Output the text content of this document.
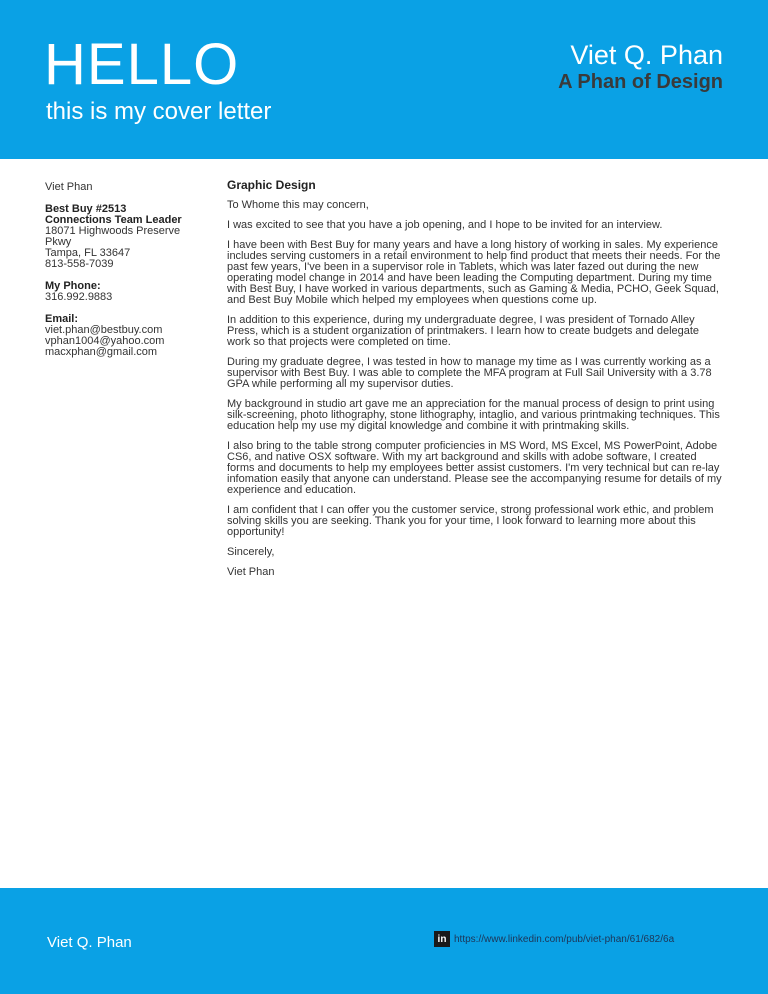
HELLO
this is my cover letter
Viet Q. Phan
A Phan of Design
Viet Phan
Best Buy #2513
Connections Team Leader
18071 Highwoods Preserve
Pkwy
Tampa, FL 33647
813-558-7039
My Phone:
316.992.9883
Email:
viet.phan@bestbuy.com
vphan1004@yahoo.com
macxphan@gmail.com
Graphic Design

To Whome this may concern,

I was excited to see that you have a job opening, and I hope to be invited for an interview.

I have been with Best Buy for many years and have a long history of working in sales. My experience includes serving customers in a retail environment to help find product that meets their needs. For the past few years, I've been in a supervisor role in Tablets, which was later fazed out during the new operating model change in 2014 and have been leading the Computing department. During my time with Best Buy, I have worked in various departments, such as Gaming & Media, PCHO, Geek Squad, and Best Buy Mobile which helped my employees when questions come up.

In addition to this experience, during my undergraduate degree, I was president of Tornado Alley Press, which is a student organization of printmakers. I learn how to create budgets and delegate work so that projects were completed on time.

During my graduate degree, I was tested in how to manage my time as I was currently working as a supervisor with Best Buy. I was able to complete the MFA program at Full Sail University with a 3.78 GPA while performing all my supervisor duties.

My background in studio art gave me an appreciation for the manual process of design to print using silk-screening, photo lithography, stone lithography, intaglio, and various printmaking techniques. This education help my use my digital knowledge and combine it with printmaking skills.

I also bring to the table strong computer proficiencies in MS Word, MS Excel, MS PowerPoint, Adobe CS6, and native OSX software. With my art background and skills with adobe software, I created forms and documents to help my employees better assist customers. I'm very technical but can re-lay infomation easily that anyone can understand. Please see the accompanying resume for details of my experience and education.

I am confident that I can offer you the customer service, strong professional work ethic, and problem solving skills you are seeking. Thank you for your time, I look forward to learning more about this opportunity!

Sincerely,

Viet Phan

Viet Q. Phan	in https://www.linkedin.com/pub/viet-phan/61/682/6a
